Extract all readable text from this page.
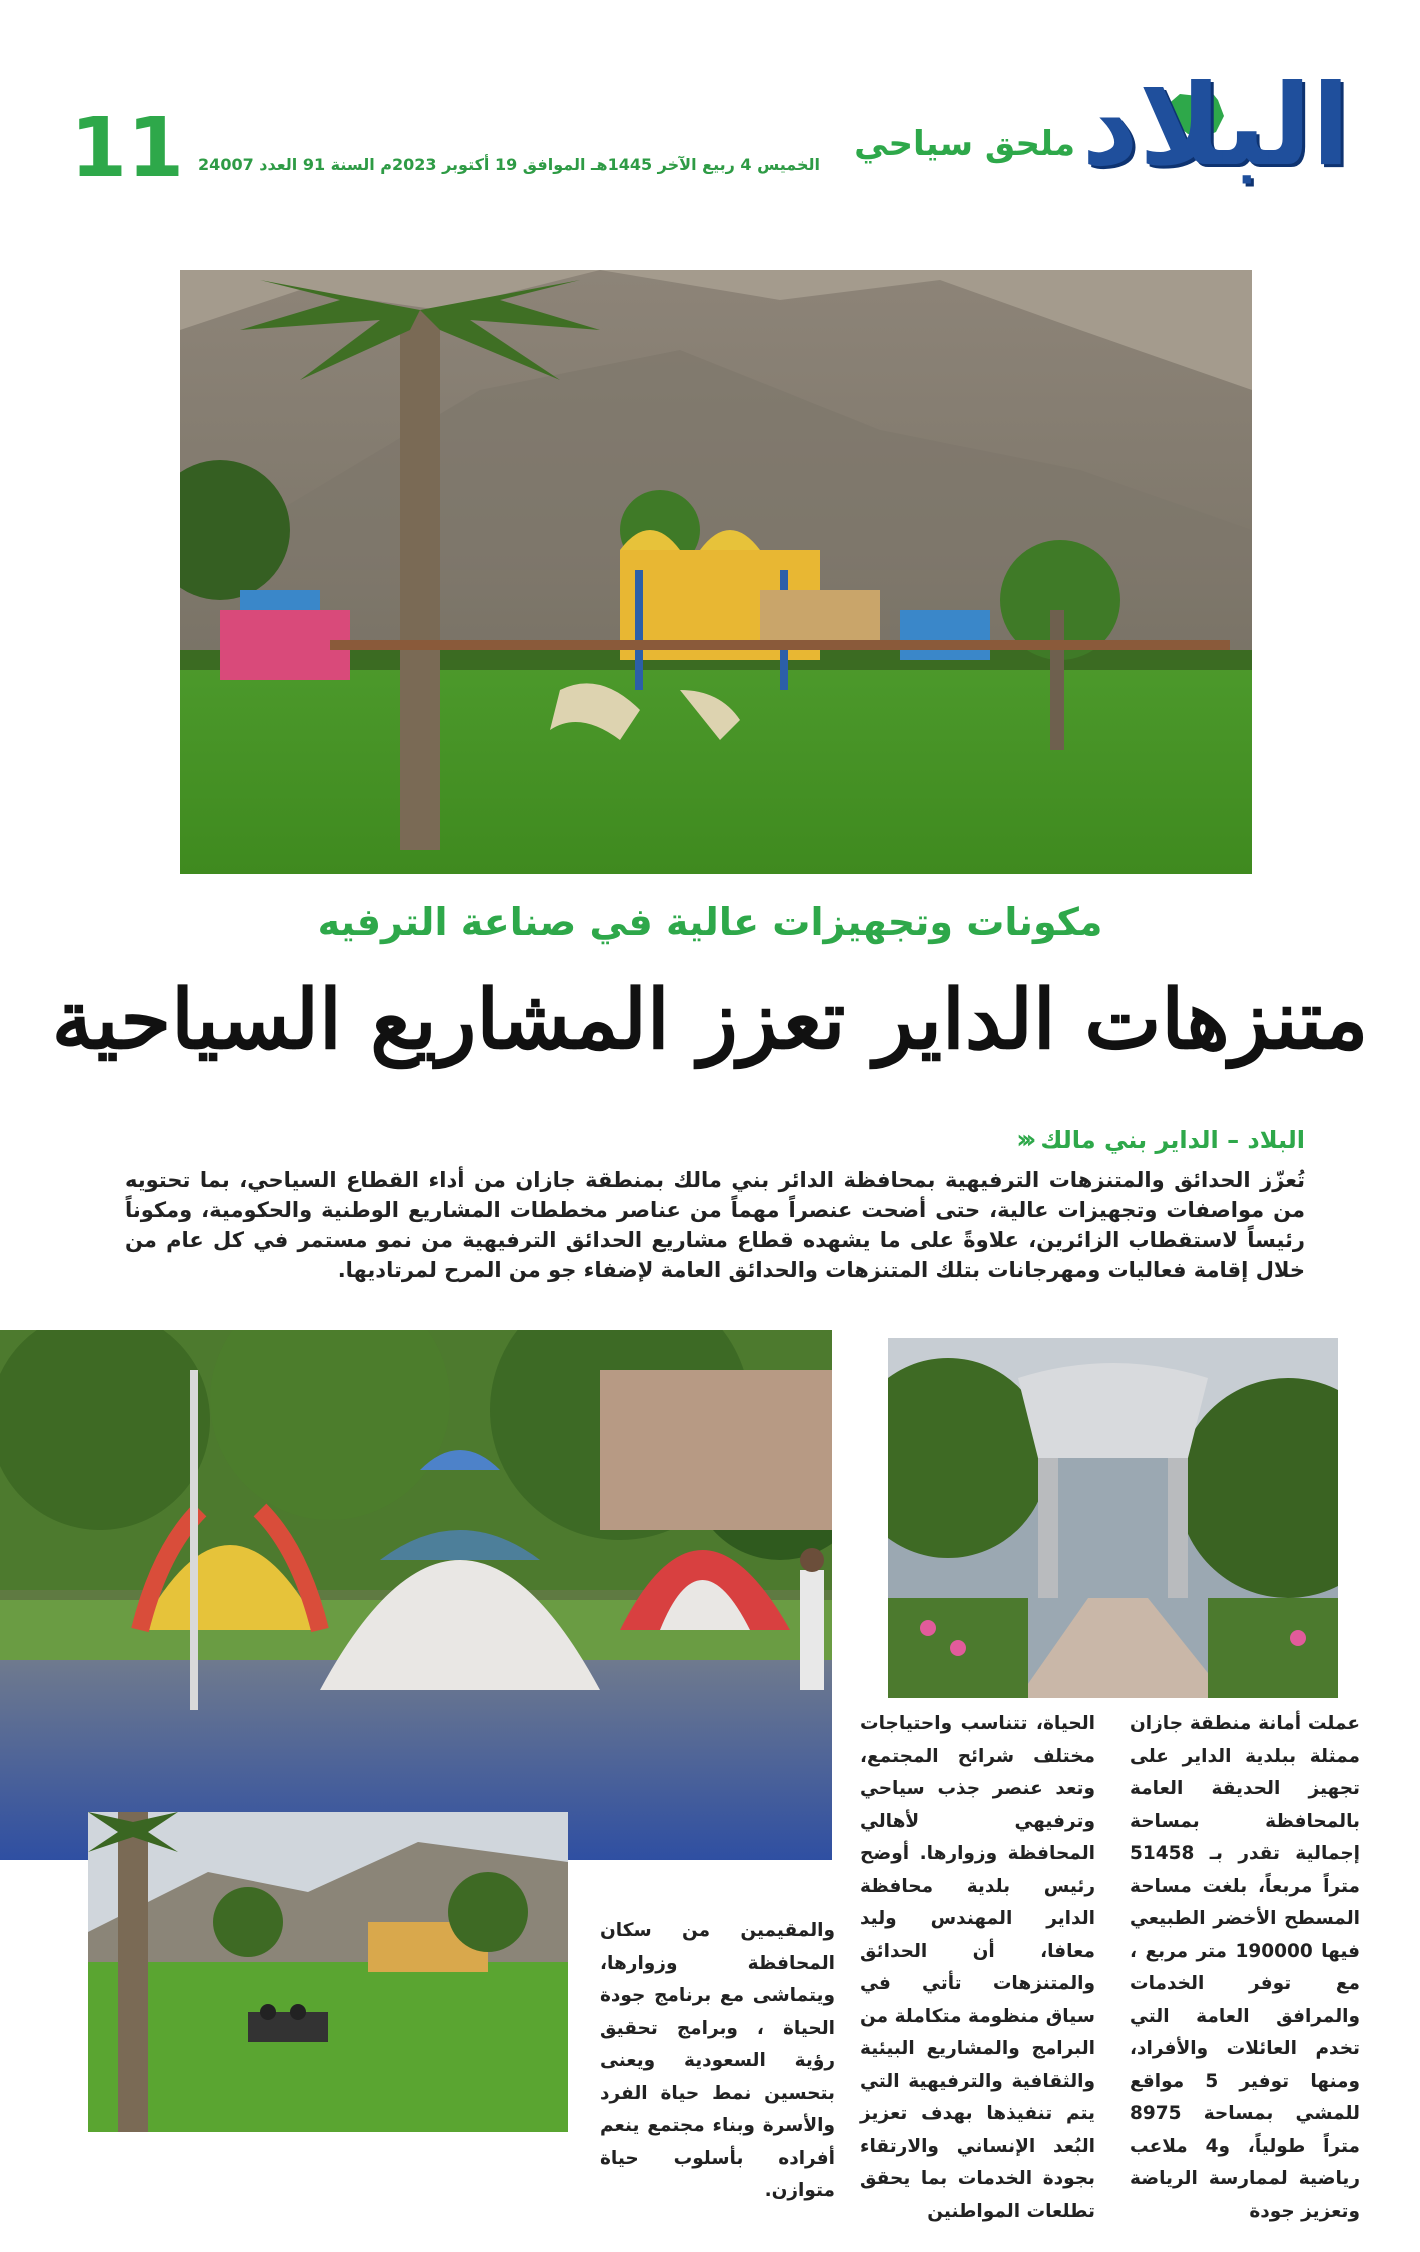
البلاد
ملحق سياحي
الخميس 4 ربيع الآخر 1445هـ الموافق 19 أكتوبر 2023م السنة 91 العدد 24007
11
مكونات وتجهيزات عالية في صناعة الترفيه
متنزهات الداير تعزز المشاريع السياحية
البلاد – الداير بني مالك
‹‹‹
تُعزّز الحدائق والمتنزهات الترفيهية بمحافظة الدائر بني مالك بمنطقة جازان من أداء القطاع السياحي، بما تحتويه من مواصفات وتجهيزات عالية، حتى أضحت عنصراً مهماً من عناصر مخططات المشاريع الوطنية والحكومية، ومكوناً رئيساً لاستقطاب الزائرين، علاوةً على ما يشهده قطاع مشاريع الحدائق الترفيهية من نمو مستمر في كل عام من خلال إقامة فعاليات ومهرجانات بتلك المتنزهات والحدائق العامة لإضفاء جو من المرح لمرتاديها.
عملت أمانة منطقة جازان ممثلة ببلدية الداير على تجهيز الحديقة العامة بالمحافظة بمساحة إجمالية تقدر بـ 51458 متراً مربعاً، بلغت مساحة المسطح الأخضر الطبيعي فيها 190000 متر مربع ، مع توفر الخدمات والمرافق العامة التي تخدم العائلات والأفراد، ومنها توفير 5 مواقع للمشي بمساحة 8975 متراً طولياً، و4 ملاعب رياضية لممارسة الرياضة وتعزيز جودة
الحياة، تتناسب واحتياجات مختلف شرائح المجتمع، وتعد عنصر جذب سياحي وترفيهي لأهالي المحافظة وزوارها. أوضح رئيس بلدية محافظة الداير المهندس وليد معافا، أن الحدائق والمتنزهات تأتي في سياق منظومة متكاملة من البرامج والمشاريع البيئية والثقافية والترفيهية التي يتم تنفيذها بهدف تعزيز البُعد الإنساني والارتقاء بجودة الخدمات بما يحقق تطلعات المواطنين
والمقيمين من سكان المحافظة وزوارها، ويتماشى مع برنامج جودة الحياة ، وبرامج تحقيق رؤية السعودية ويعنى بتحسين نمط حياة الفرد والأسرة وبناء مجتمع ينعم أفراده بأسلوب حياة متوازن.
